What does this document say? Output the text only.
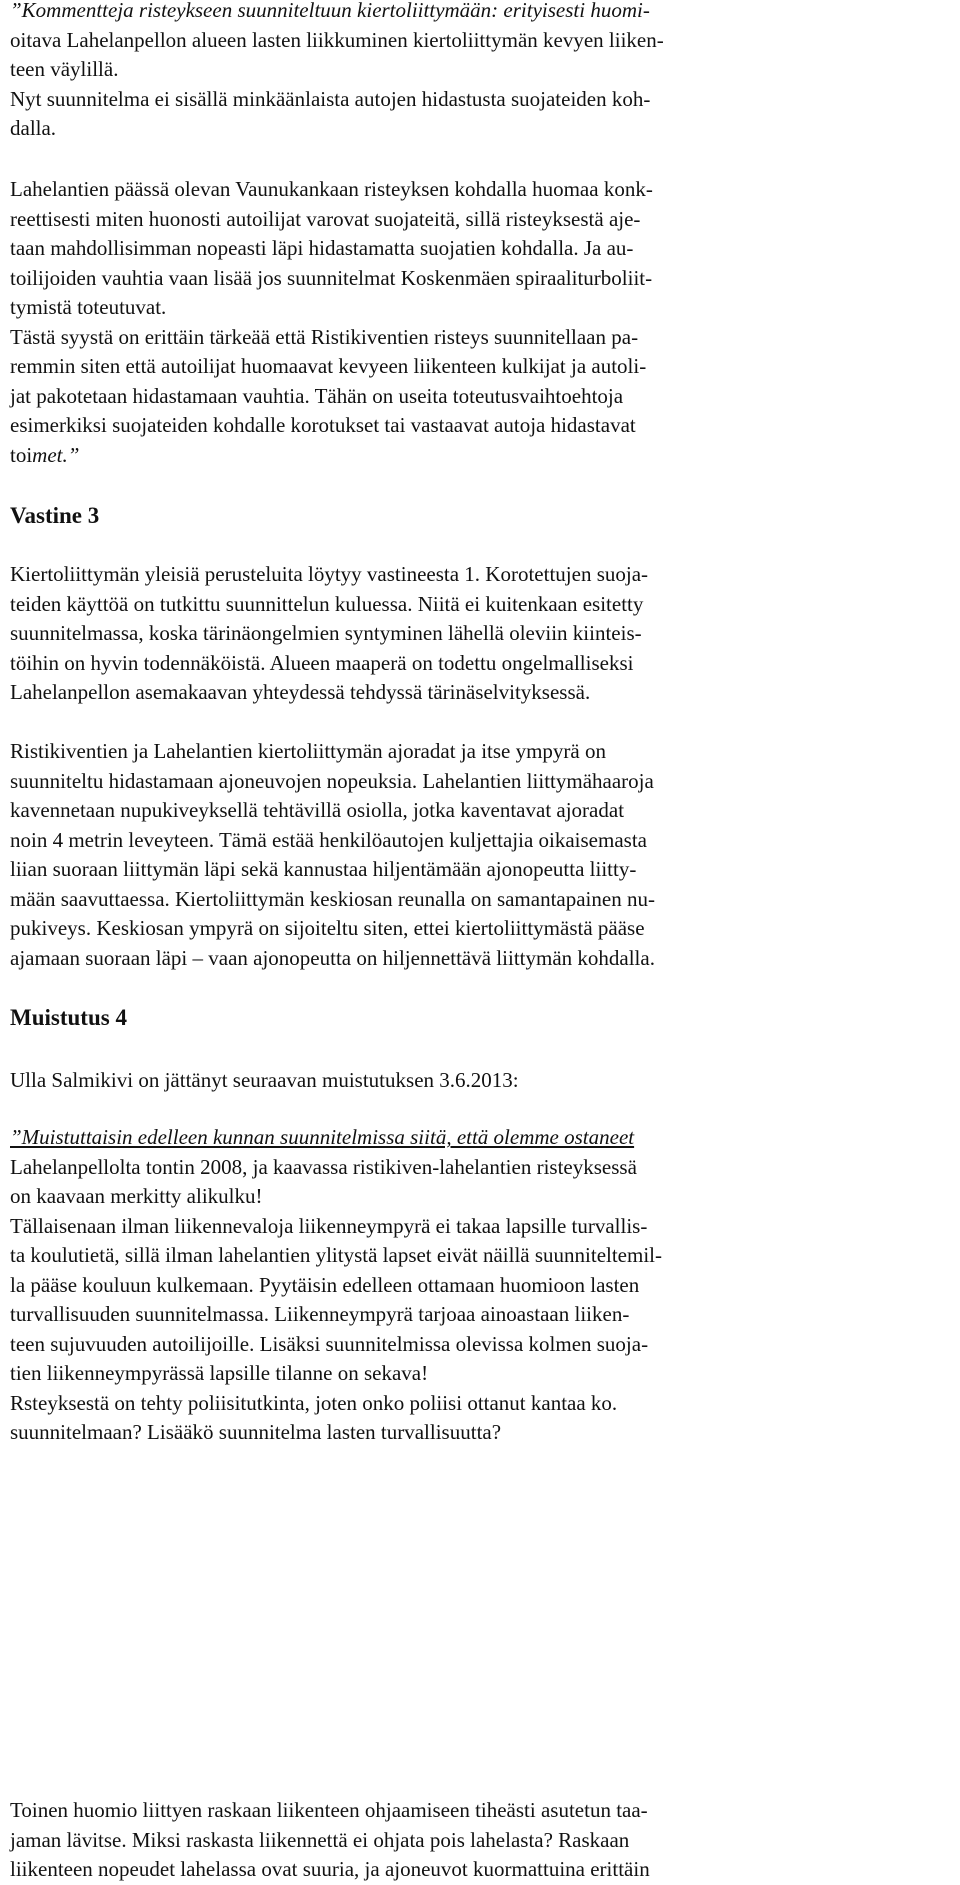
”Kommentteja risteykseen suunniteltuun kiertoliittymään: erityisesti huomi-
oitava Lahelanpellon alueen lasten liikkuminen kiertoliittymän kevyen liiken-
teen väylillä.
Nyt suunnitelma ei sisällä minkäänlaista autojen hidastusta suojateiden koh-
dalla.
Lahelantien päässä olevan Vaunukankaan risteyksen kohdalla huomaa konk-
reettisesti miten huonosti autoilijat varovat suojateitä, sillä risteyksestä aje-
taan mahdollisimman nopeasti läpi hidastamatta suojatien kohdalla. Ja au-
toilijoiden vauhtia vaan lisää jos suunnitelmat Koskenmäen spiraaliturboliit-
tymistä toteutuvat.
Tästä syystä on erittäin tärkeää että Ristikiventien risteys suunnitellaan pa-
remmin siten että autoilijat huomaavat kevyeen liikenteen kulkijat ja autoli-
jat pakotetaan hidastamaan vauhtia. Tähän on useita toteutusvaihtoehtoja
esimerkiksi suojateiden kohdalle korotukset tai vastaavat autoja hidastavat
toimet.”
Vastine 3
Kiertoliittymän yleisiä perusteluita löytyy vastineesta 1. Korotettujen suoja-
teiden käyttöä on tutkittu suunnittelun kuluessa. Niitä ei kuitenkaan esitetty
suunnitelmassa, koska tärinäongelmien syntyminen lähellä oleviin kiinteis-
töihin on hyvin todennäköistä. Alueen maaperä on todettu ongelmalliseksi
Lahelanpellon asemakaavan yhteydessä tehdyssä tärinäselvityksessä.
Ristikiventien ja Lahelantien kiertoliittymän ajoradat ja itse ympyrä on
suunniteltu hidastamaan ajoneuvojen nopeuksia. Lahelantien liittymähaaroja
kavennetaan nupukiveyksellä tehtävillä osiolla, jotka kaventavat ajoradat
noin 4 metrin leveyteen. Tämä estää henkilöautojen kuljettajia oikaisemasta
liian suoraan liittymän läpi sekä kannustaa hiljentämään ajonopeutta liitty-
mään saavuttaessa. Kiertoliittymän keskiosan reunalla on samantapainen nu-
pukiveys. Keskiosan ympyrä on sijoiteltu siten, ettei kiertoliittymästä pääse
ajamaan suoraan läpi – vaan ajonopeutta on hiljennettävä liittymän kohdalla.
Muistutus 4
Ulla Salmikivi on jättänyt seuraavan muistutuksen 3.6.2013:
”Muistuttaisin edelleen kunnan suunnitelmissa siitä, että olemme ostaneet
Lahelanpellolta tontin 2008, ja kaavassa ristikiven-lahelantien risteyksessä
on kaavaan merkitty alikulku!
Tällaisenaan ilman liikennevaloja liikenneympyrä ei takaa lapsille turvallis-
ta koulutietä, sillä ilman lahelantien ylitystä lapset eivät näillä suunniteltemil-
la pääse kouluun kulkemaan. Pyytäisin edelleen ottamaan huomioon lasten
turvallisuuden suunnitelmassa. Liikenneympyrä tarjoaa ainoastaan liiken-
teen sujuvuuden autoilijoille. Lisäksi suunnitelmissa olevissa kolmen suoja-
tien liikenneympyrässä lapsille tilanne on sekava!
Rsteyksestä on tehty poliisitutkinta, joten onko poliisi ottanut kantaa ko.
suunnitelmaan? Lisääkö suunnitelma lasten turvallisuutta?
Toinen huomio liittyen raskaan liikenteen ohjaamiseen tiheästi asutetun taa-
jaman lävitse. Miksi raskasta liikennettä ei ohjata pois lahelasta? Raskaan
liikenteen nopeudet lahelassa ovat suuria, ja ajoneuvot kuormattuina erittäin
